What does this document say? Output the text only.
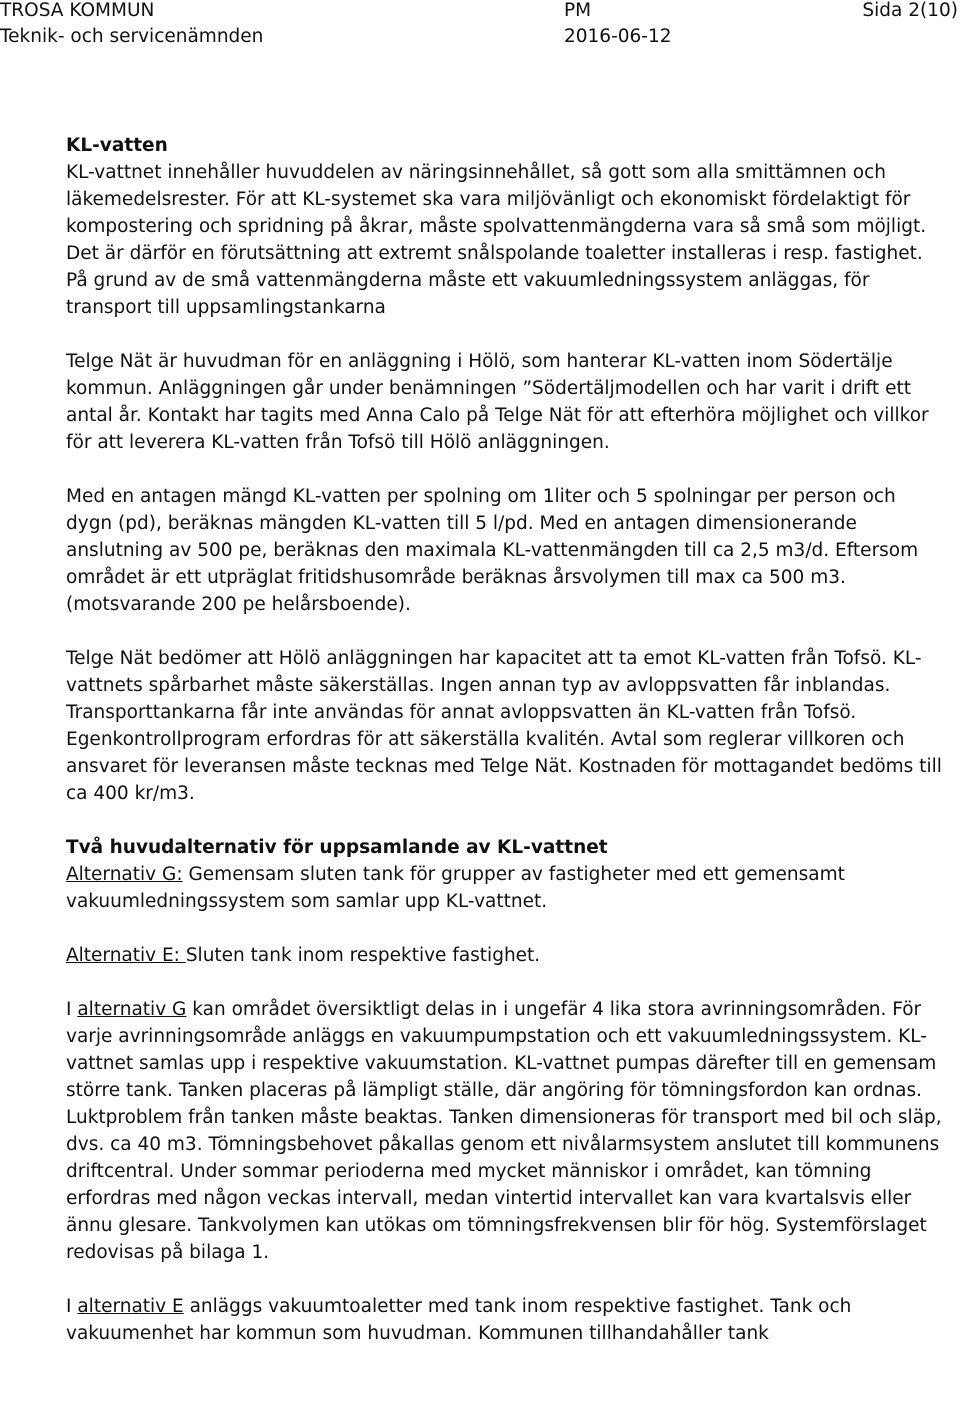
TROSA KOMMUN	PM	Sida 2(10)
Teknik- och servicenämnden	2016-06-12
KL-vatten

KL-vattnet innehåller huvuddelen av näringsinnehållet, så gott som alla smittämnen och läkemedelsrester. För att KL-systemet ska vara miljövänligt och ekonomiskt fördelaktigt för kompostering och spridning på åkrar, måste spolvattenmängderna vara så små som möjligt. Det är därför en förutsättning att extremt snålspolande toaletter installeras i resp. fastighet. På grund av de små vattenmängderna måste ett vakuumledningssystem anläggas, för transport till uppsamlingstankarna

Telge Nät är huvudman för en anläggning i Hölö, som hanterar KL-vatten inom Södertälje kommun. Anläggningen går under benämningen ”Södertäljmodellen och har varit i drift ett antal år. Kontakt har tagits med Anna Calo på Telge Nät för att efterhöra möjlighet och villkor för att leverera KL-vatten från Tofsö till Hölö anläggningen.

Med en antagen mängd KL-vatten per spolning om 1liter och 5 spolningar per person och dygn (pd), beräknas mängden KL-vatten till 5 l/pd. Med en antagen dimensionerande anslutning av 500 pe, beräknas den maximala KL-vattenmängden till ca 2,5 m3/d. Eftersom området är ett utpräglat fritidshusområde beräknas årsvolymen till max ca 500 m3.(motsvarande 200 pe helårsboende).

Telge Nät bedömer att Hölö anläggningen har kapacitet att ta emot KL-vatten från Tofsö. KL-vattnets spårbarhet måste säkerställas. Ingen annan typ av avloppsvatten får inblandas. Transporttankarna får inte användas för annat avloppsvatten än KL-vatten från Tofsö. Egenkontrollprogram erfordras för att säkerställa kvalitén. Avtal som reglerar villkoren och ansvaret för leveransen måste tecknas med Telge Nät. Kostnaden för mottagandet bedöms till ca 400 kr/m3.

Två huvudalternativ för uppsamlande av KL-vattnet

Alternativ G: Gemensam sluten tank för grupper av fastigheter med ett gemensamt vakuumledningssystem som samlar upp KL-vattnet.

Alternativ E: Sluten tank inom respektive fastighet.

I alternativ G kan området översiktligt delas in i ungefär 4 lika stora avrinningsområden. För varje avrinningsområde anläggs en vakuumpumpstation och ett vakuumledningssystem. KL-vattnet samlas upp i respektive vakuumstation. KL-vattnet pumpas därefter till en gemensam större tank. Tanken placeras på lämpligt ställe, där angöring för tömningsfordon kan ordnas. Luktproblem från tanken måste beaktas. Tanken dimensioneras för transport med bil och släp, dvs. ca 40 m3. Tömningsbehovet påkallas genom ett nivålarmsystem anslutet till kommunens driftcentral. Under sommar perioderna med mycket människor i området, kan tömning erfordras med någon veckas intervall, medan vintertid intervallet kan vara kvartalsvis eller ännu glesare. Tankvolymen kan utökas om tömningsfrekvensen blir för hög. Systemförslaget redovisas på bilaga 1.

I alternativ E anläggs vakuumtoaletter med tank inom respektive fastighet. Tank och vakuumenhet har kommun som huvudman. Kommunen tillhandahåller tank
